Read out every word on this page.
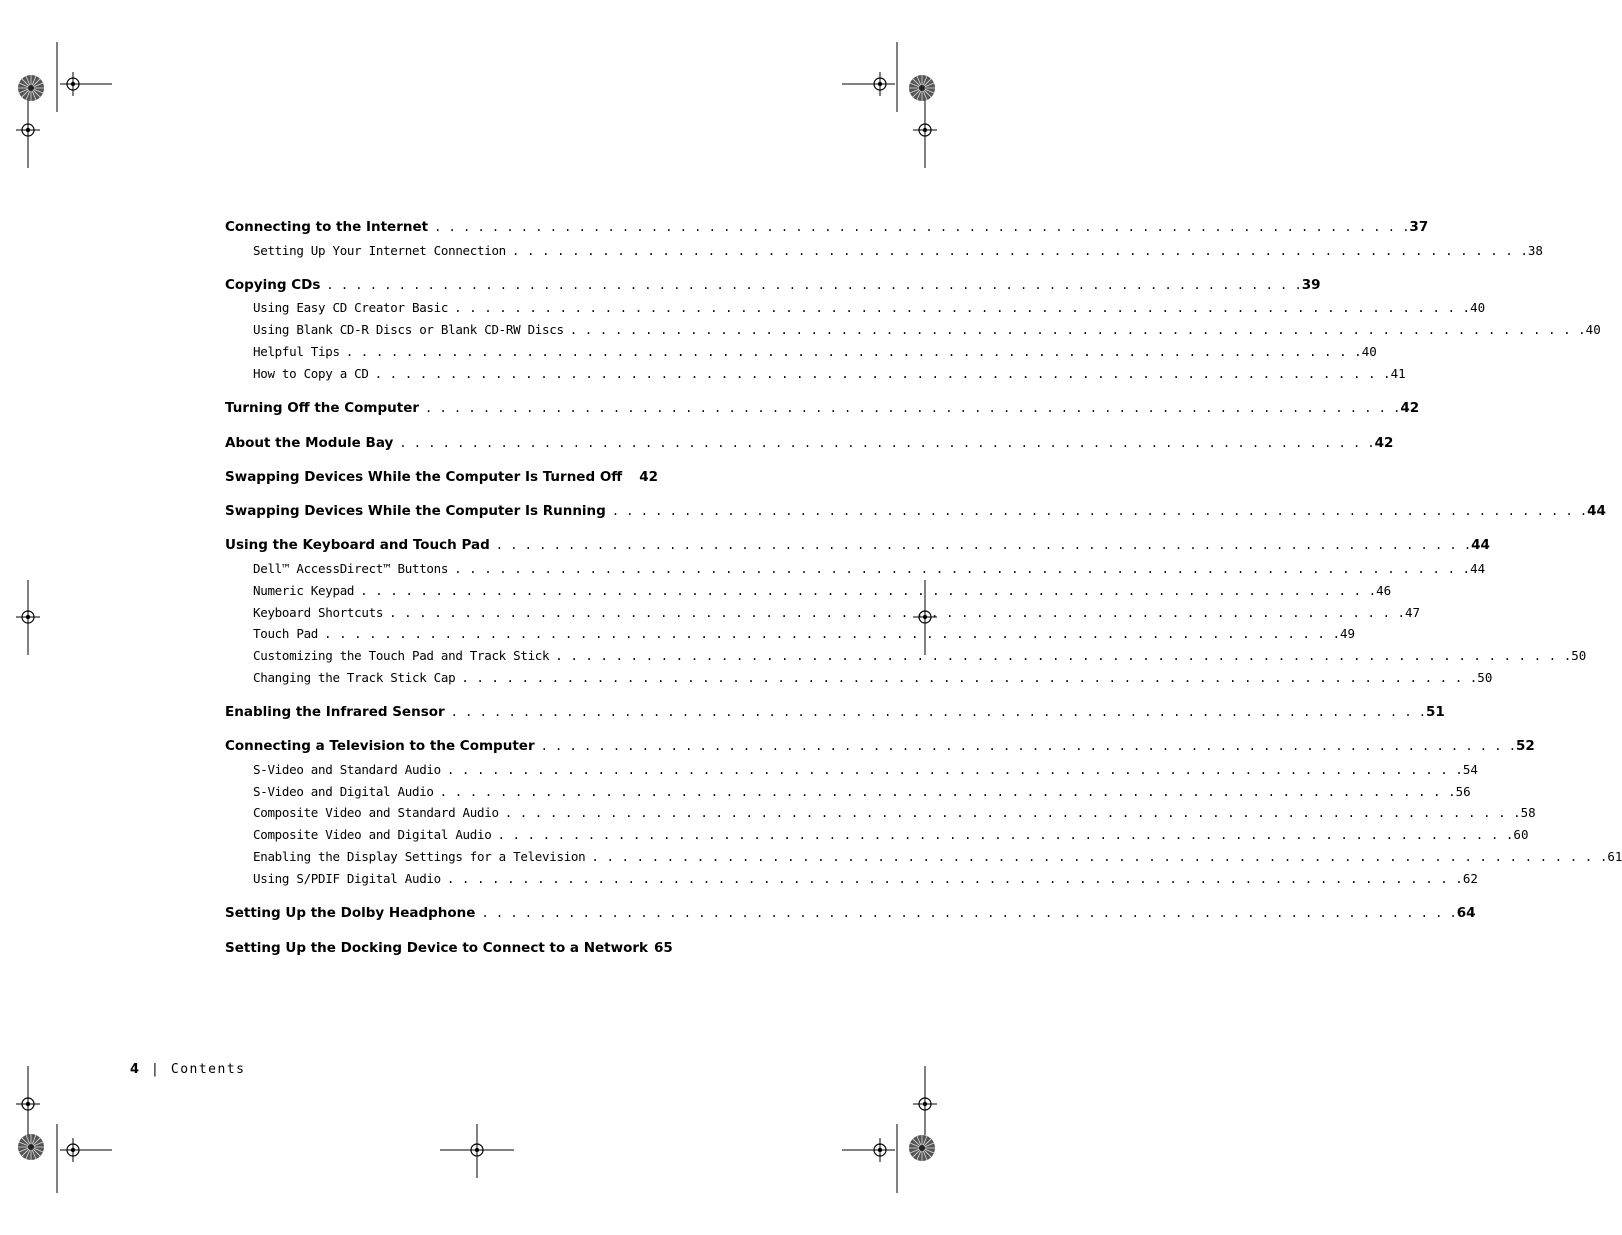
Connecting to the Internet . . .	37
Setting Up Your Internet Connection . . .	38
Copying CDs . . .	39
Using Easy CD Creator Basic . . .	40
Using Blank CD-R Discs or Blank CD-RW Discs . . .	40
Helpful Tips . . .	40
How to Copy a CD . . .	41
Turning Off the Computer . . .	42
About the Module Bay . . .	42
Swapping Devices While the Computer Is Turned Off	42
Swapping Devices While the Computer Is Running . . .	44
Using the Keyboard and Touch Pad . . .	44
Dell™ AccessDirect™ Buttons . . .	44
Numeric Keypad . . .	46
Keyboard Shortcuts . . .	47
Touch Pad . . .	49
Customizing the Touch Pad and Track Stick . . .	50
Changing the Track Stick Cap . . .	50
Enabling the Infrared Sensor . . .	51
Connecting a Television to the Computer . . .	52
S-Video and Standard Audio . . .	54
S-Video and Digital Audio . . .	56
Composite Video and Standard Audio . . .	58
Composite Video and Digital Audio . . .	60
Enabling the Display Settings for a Television . . .	61
Using S/PDIF Digital Audio . . .	62
Setting Up the Dolby Headphone . . .	64
Setting Up the Docking Device to Connect to a Network 65
4 | Contents
